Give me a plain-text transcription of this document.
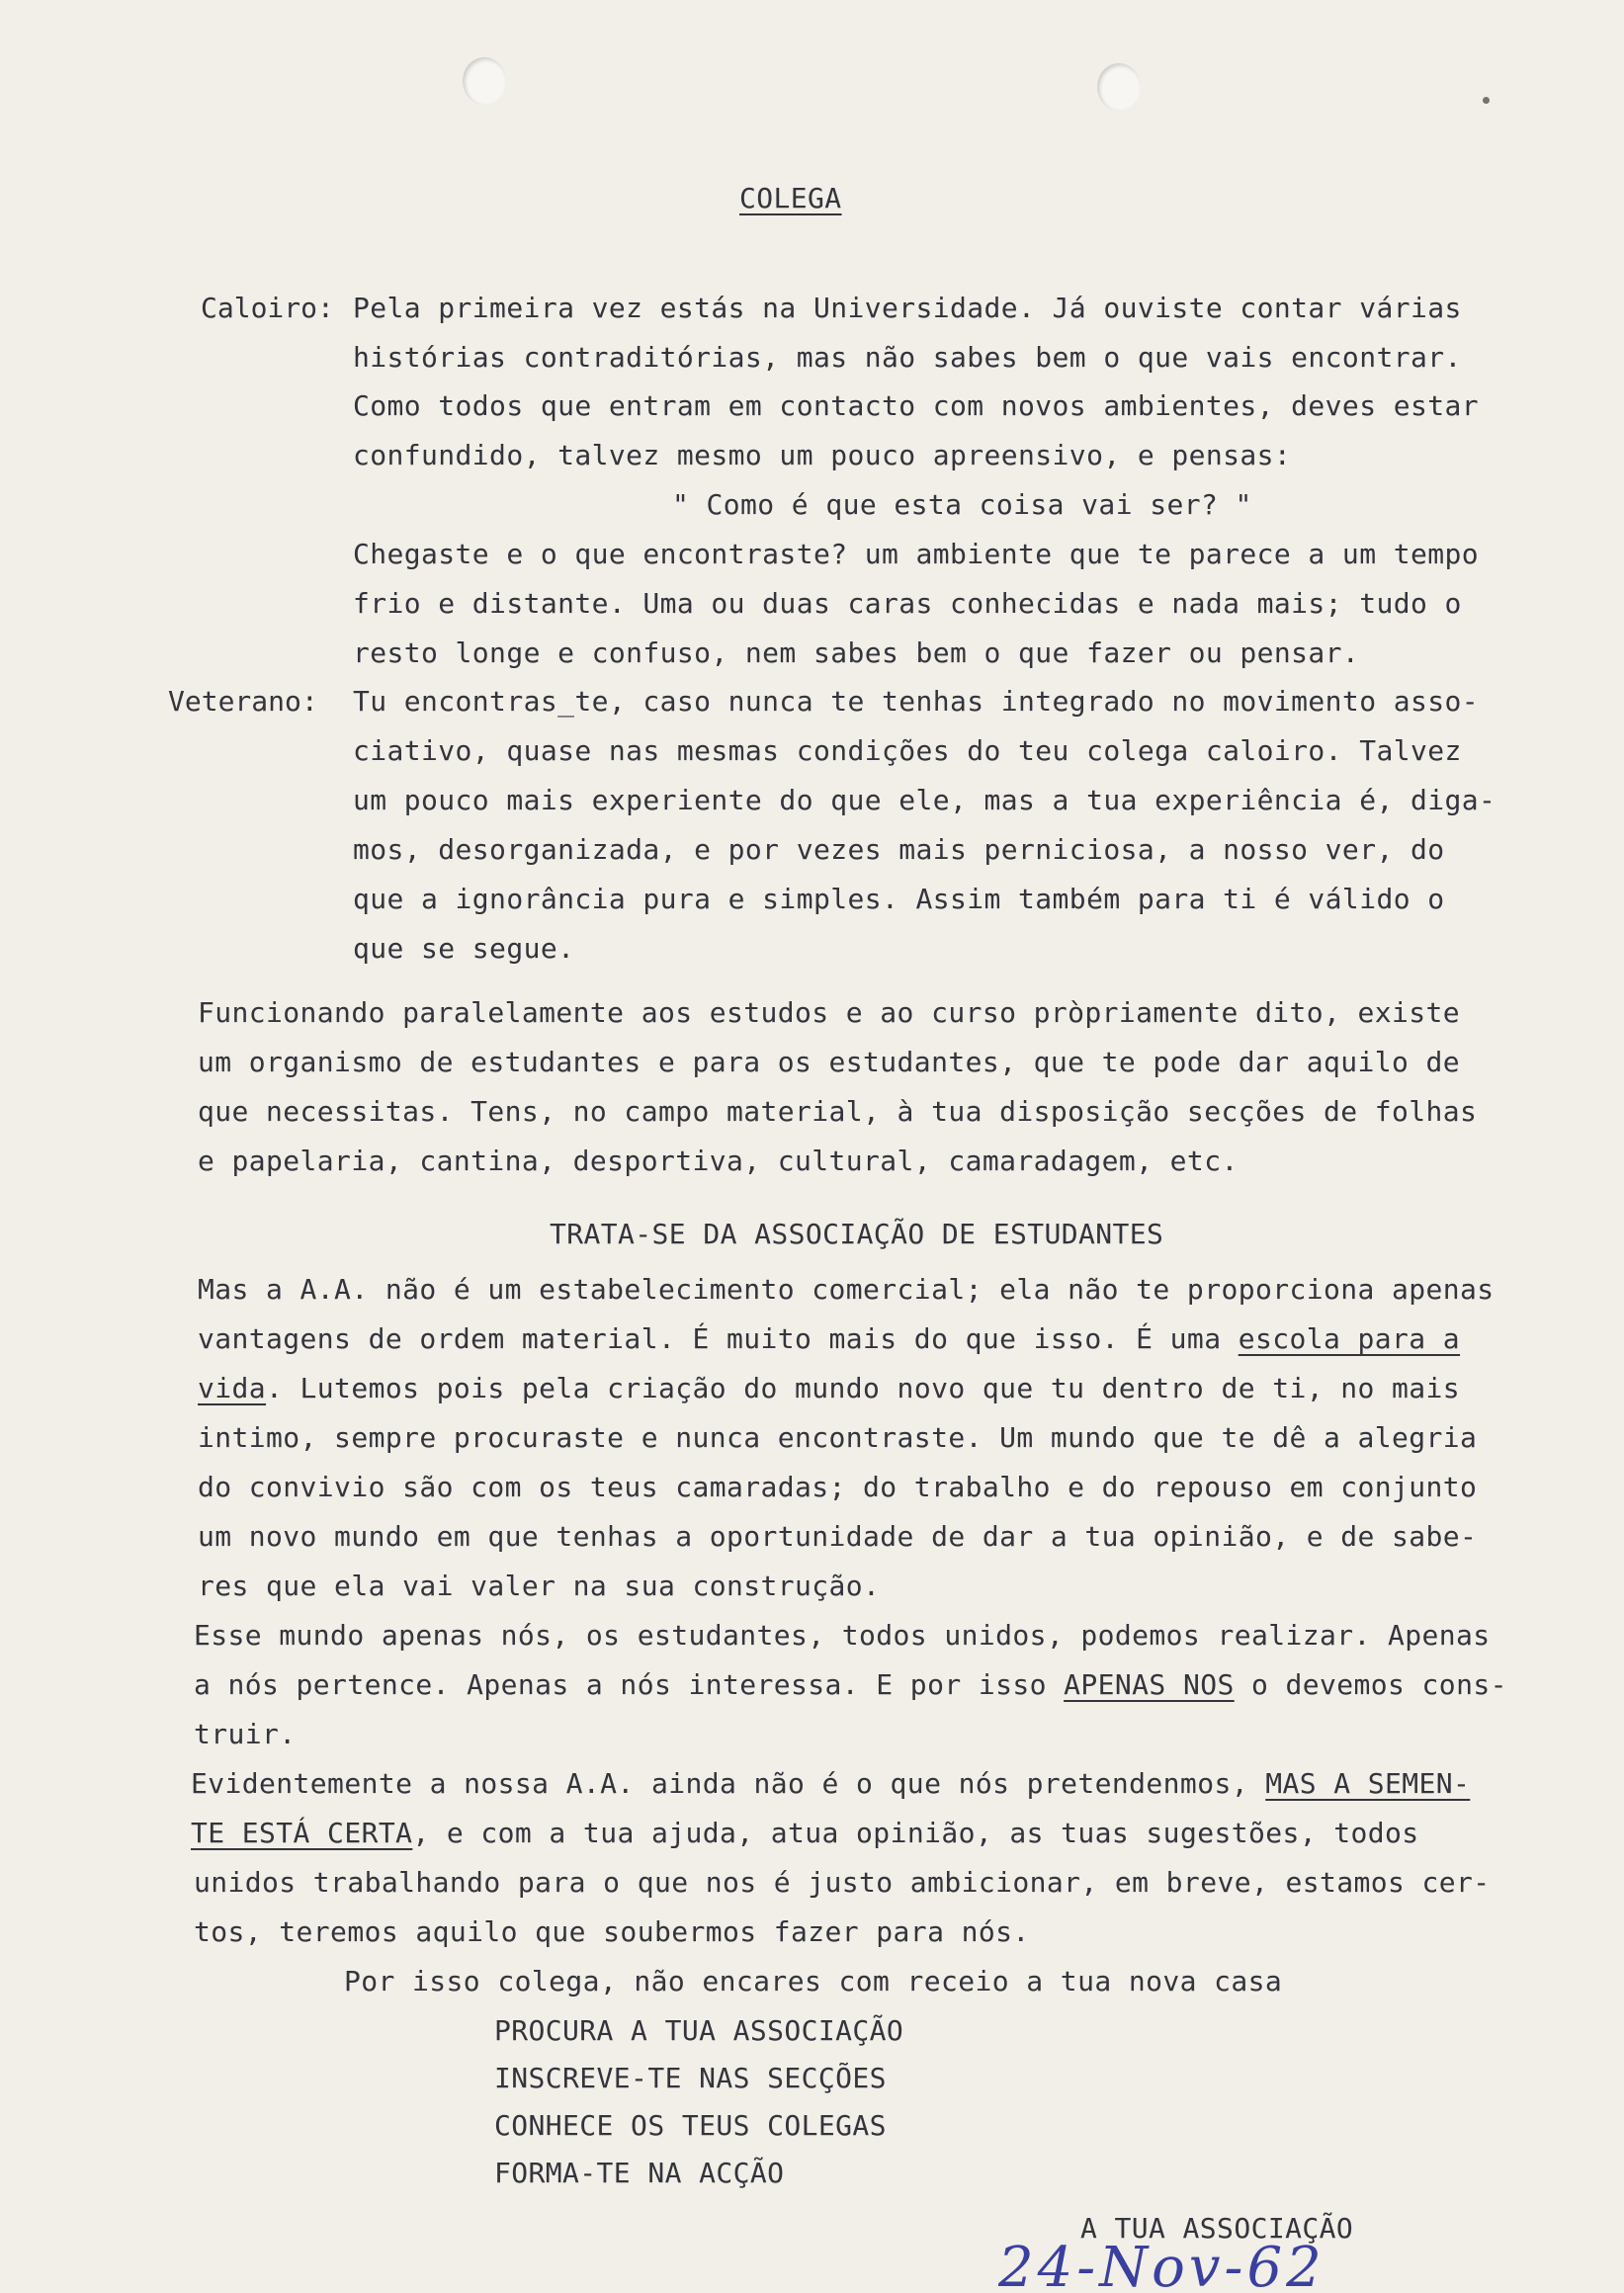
COLEGA
Caloiro: Pela primeira vez estás na Universidade. Já ouviste contar várias
histórias contraditórias, mas não sabes bem o que vais encontrar.
Como todos que entram em contacto com novos ambientes, deves estar
confundido, talvez mesmo um pouco apreensivo, e pensas:
" Como é que esta coisa vai ser? "
Chegaste e o que encontraste? um ambiente que te parece a um tempo
frio e distante. Uma ou duas caras conhecidas e nada mais; tudo o
resto longe e confuso, nem sabes bem o que fazer ou pensar.
Veterano: Tu encontras_te, caso nunca te tenhas integrado no movimento asso-
ciativo, quase nas mesmas condições do teu colega caloiro. Talvez
um pouco mais experiente do que ele, mas a tua experiência é, diga-
mos, desorganizada, e por vezes mais perniciosa, a nosso ver, do
que a ignorância pura e simples. Assim também para ti é válido o
que se segue.
Funcionando paralelamente aos estudos e ao curso pròpriamente dito, existe
um organismo de estudantes e para os estudantes, que te pode dar aquilo de
que necessitas. Tens, no campo material, à tua disposição secções de folhas
e papelaria, cantina, desportiva, cultural, camaradagem, etc.
TRATA-SE DA ASSOCIAÇÃO DE ESTUDANTES
Mas a A.A. não é um estabelecimento comercial; ela não te proporciona apenas
vantagens de ordem material. É muito mais do que isso. É uma escola para a
vida. Lutemos pois pela criação do mundo novo que tu dentro de ti, no mais
intimo, sempre procuraste e nunca encontraste. Um mundo que te dê a alegria
do convivio são com os teus camaradas; do trabalho e do repouso em conjunto
um novo mundo em que tenhas a oportunidade de dar a tua opinião, e de sabe-
res que ela vai valer na sua construção.
Esse mundo apenas nós, os estudantes, todos unidos, podemos realizar. Apenas
a nós pertence. Apenas a nós interessa. E por isso APENAS NOS o devemos cons-
truir.
Evidentemente a nossa A.A. ainda não é o que nós pretendenmos, MAS A SEMEN-
TE ESTÁ CERTA, e com a tua ajuda, atua opinião, as tuas sugestões, todos
unidos trabalhando para o que nos é justo ambicionar, em breve, estamos cer-
tos, teremos aquilo que soubermos fazer para nós.
Por isso colega, não encares com receio a tua nova casa
PROCURA A TUA ASSOCIAÇÃO
INSCREVE-TE NAS SECÇÕES
CONHECE OS TEUS COLEGAS
FORMA-TE NA ACÇÃO
A TUA ASSOCIAÇÃO
24-Nov-62
